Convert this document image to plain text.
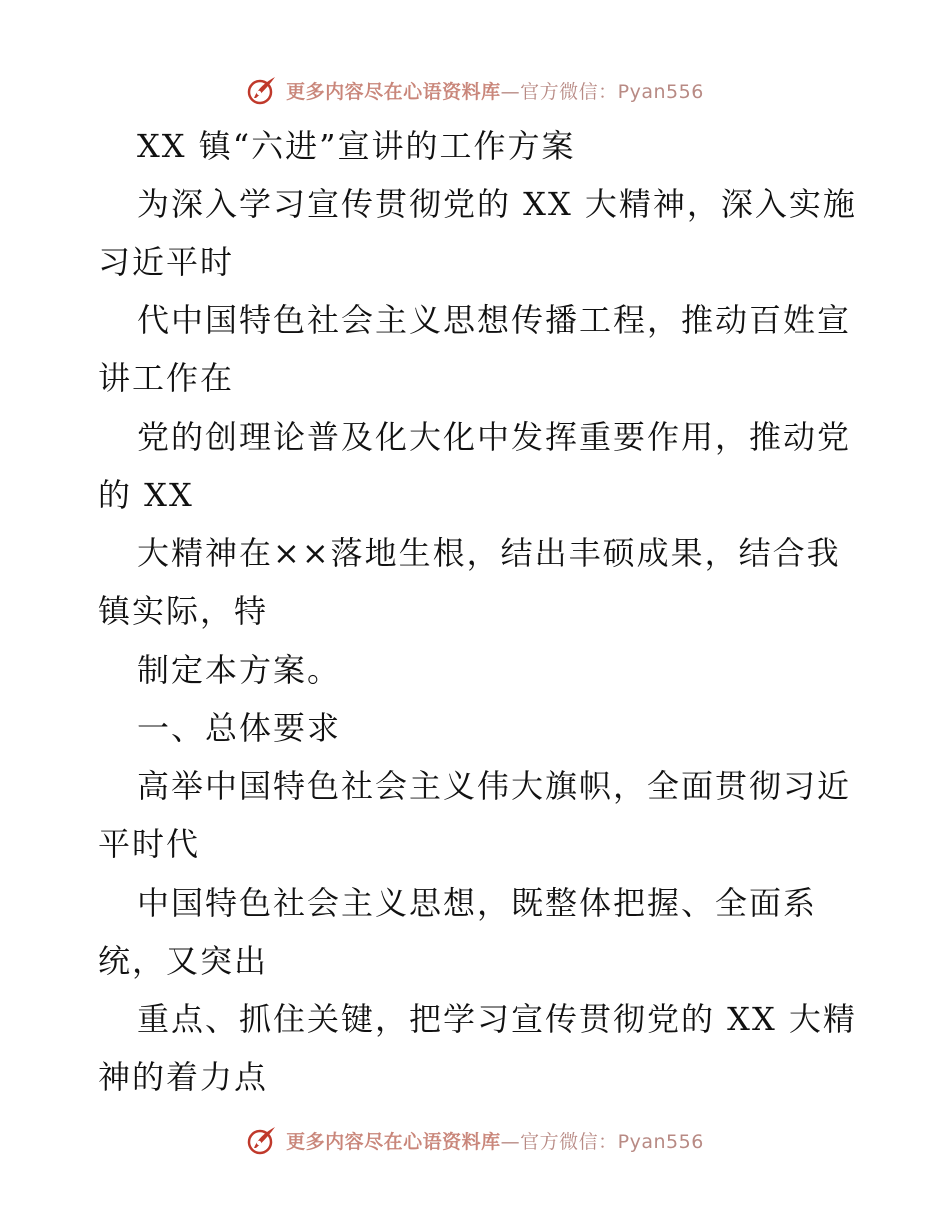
更多内容尽在心语资料库—官方微信：Pyan556
XX 镇“六进”宣讲的工作方案
为深入学习宣传贯彻党的 XX 大精神，深入实施
习近平时
代中国特色社会主义思想传播工程，推动百姓宣
讲工作在
党的创理论普及化大化中发挥重要作用，推动党
的 XX
大精神在××落地生根，结出丰硕成果，结合我
镇实际，特
制定本方案。
一、总体要求
高举中国特色社会主义伟大旗帜，全面贯彻习近
平时代
中国特色社会主义思想，既整体把握、全面系
统，又突出
重点、抓住关键，把学习宣传贯彻党的 XX 大精
神的着力点
更多内容尽在心语资料库—官方微信：Pyan556
